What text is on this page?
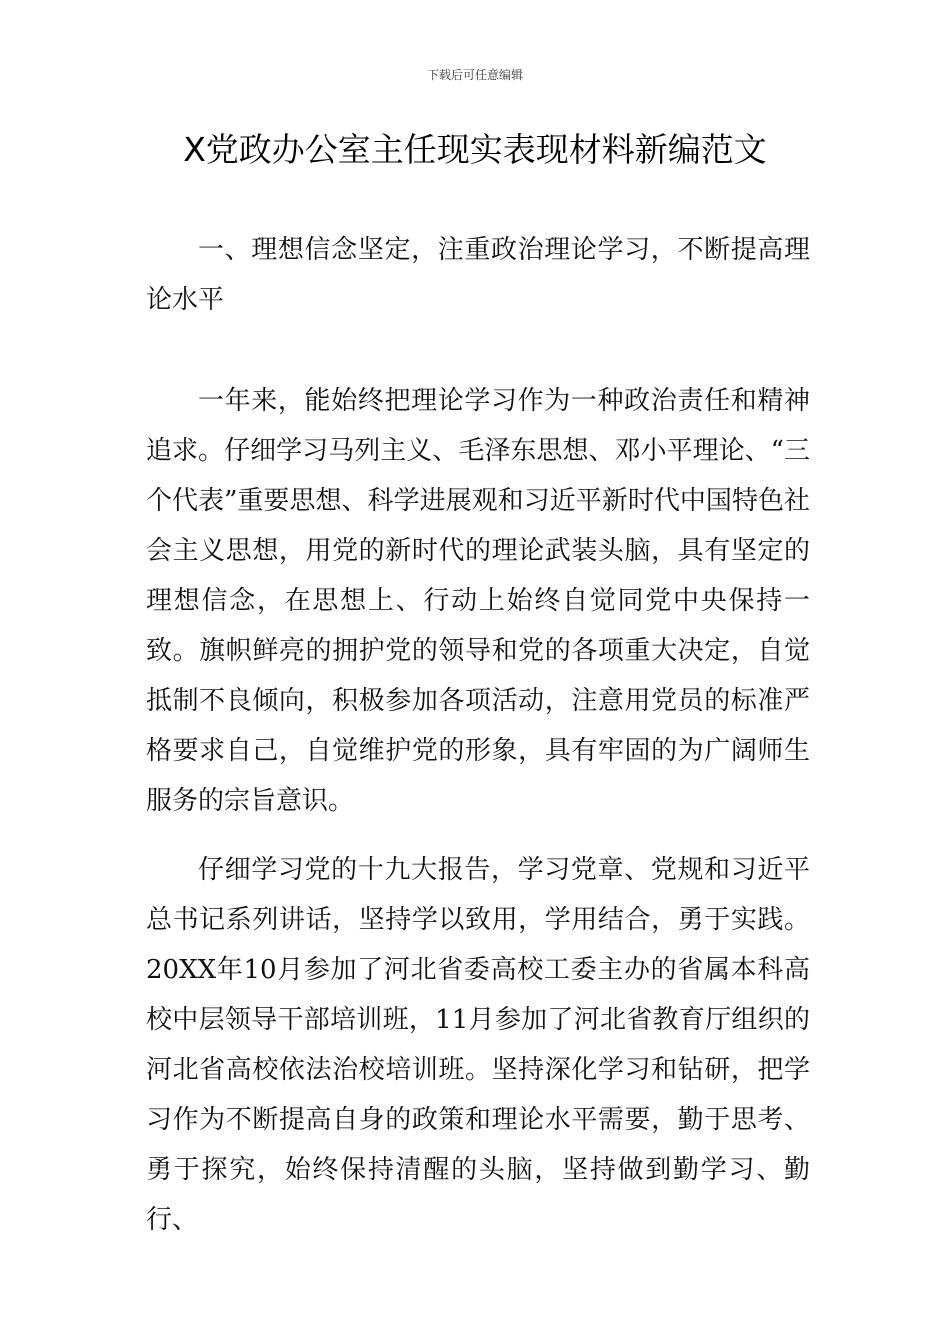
下载后可任意编辑
X党政办公室主任现实表现材料新编范文

一、理想信念坚定，注重政治理论学习，不断提高理论水平

一年来，能始终把理论学习作为一种政治责任和精神追求。仔细学习马列主义、毛泽东思想、邓小平理论、“三个代表”重要思想、科学进展观和习近平新时代中国特色社会主义思想，用党的新时代的理论武装头脑，具有坚定的理想信念，在思想上、行动上始终自觉同党中央保持一致。旗帜鲜亮的拥护党的领导和党的各项重大决定，自觉抵制不良倾向，积极参加各项活动，注意用党员的标准严格要求自己，自觉维护党的形象，具有牢固的为广阔师生服务的宗旨意识。

仔细学习党的十九大报告，学习党章、党规和习近平总书记系列讲话，坚持学以致用，学用结合，勇于实践。20XX年10月参加了河北省委高校工委主办的省属本科高校中层领导干部培训班，11月参加了河北省教育厅组织的河北省高校依法治校培训班。坚持深化学习和钻研，把学习作为不断提高自身的政策和理论水平需要，勤于思考、勇于探究，始终保持清醒的头脑，坚持做到勤学习、勤行、
